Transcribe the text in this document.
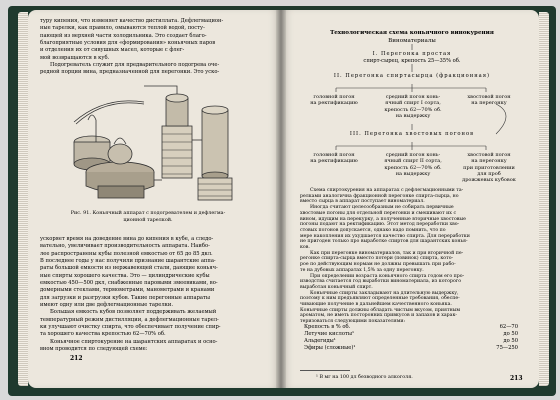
туру кипения, что изменяет качество дистиллата. Дефлегмацион-

ные тарелки, как правило, омываются теплой водой, посту-

пающей из верхней части холодильника. Это создает благо-

благоприятные условия для «формирования» коньячных паров

и отделения их от сивушных масел, которые с флег-

мой возвращаются в куб.

Подогреватель служит для предварительного подогрева оче-

редной порции вина, предназначенной для перегонки. Это уско-

Рис. 91. Коньячный аппарат с подогревателем и дефлегма-
ционной тарелкой.

ускоряет время на доведение вина до кипения в кубе, а следо-

вательно, увеличивает производительность аппарата. Наибо-

лее распространены кубы полезной емкостью от 65 до 85 дкл.

В последнее годы у нас получили признание шарантские аппа-

раты большой емкости из нержавеющей стали, дающие коньяч-

ные спирты хорошего качества. Это — цилиндрические кубы

емкостью 450—500 дкл, снабженные паровыми змеевиками, во-

домерными стеклами, термометрами, манометрами и кранами

для загрузки и разгрузки кубов. Такие перегонные аппараты

имеют одну или две дефлегмационные тарелки.

Большая емкость кубов позволяет поддерживать желаемый

температурный режим дистилляции, а дефлегмационные тарел-

ки улучшают очистку спирта, что обеспечивает получение спир-

та хорошего качества крепостью 62—70% об.

Коньячное спиртокурение на шарантских аппаратах и осно-

вном проводится по следующей схеме:

212
Технологическая схема коньячного винокурения
Виноматериалы
I. Перегонка простая
спирт-сырец, крепость 25—35% об.
II. Перегонка спиртасырца (фракционная)
головной погон
на ректификацию
средний погон конь-
ячный спирт I сорта,
крепость 62—70% об.
на выдержку
хвостовой погон
на перегонку
III. Перегонка хвостовых погонов
головной погон
на ректификацию
средний погон конь-
ячный спирт II сорта,
крепость 62—70% об.
на выдержку
хвостовой погон
на перегонку
при приготовлении
для проб
дрожжевых кубовок

Схема спиртокурения на аппаратах с дефлегмационными та-

релками аналогична фракционной перегонке спирта-сырца, но

вместо сырца в аппарат поступает виноматериал.

Иногда считают целесообразным не собирать первичные

хвостовые погоны для отдельной перегонки и смешивают их с

вином, идущим на перекурку, а полученные вторичные хвостовые

погоны подают на ректификацию. Этот метод переработки хво-

стовых погонов допускается, однако надо помнить, что по

мере накопления их ухудшается качество спирта. Для переработки

не пригоден только про выработке спиртов для шарантских конья-

ков.

Как при перегонке виноматериалов, так и при вторичной пе-

регонке спирта-сырца вместо потери (повинок) спирта, кото-

рое по действующим нормам не должны превышать при рабо-

те на дубовых аппаратах 1,5% за одну перегонку.

При определении возраста коньячного спирта годом его про-

изводства считается год выработки виноматериала, из которого

выработан коньячный спирт.

Коньячные спирты закладывают на длительную выдержку,

поэтому к ним предъявляют определенные требования, обеспе-

чивающие получение в дальнейшем качественного коньяка.

Коньячные спирты должны обладать чистым вкусом, приятным

ароматом, не иметь посторонних привкусов и запахов и харак-

теризоваться следующими показателями:

Крепость в % об.	62—70
Летучие кислоты¹	до 50
Альдегиды¹	до 50
Эфиры (сложные)¹	75—250
¹ В мг на 100 дл безводного алкоголя.	213
